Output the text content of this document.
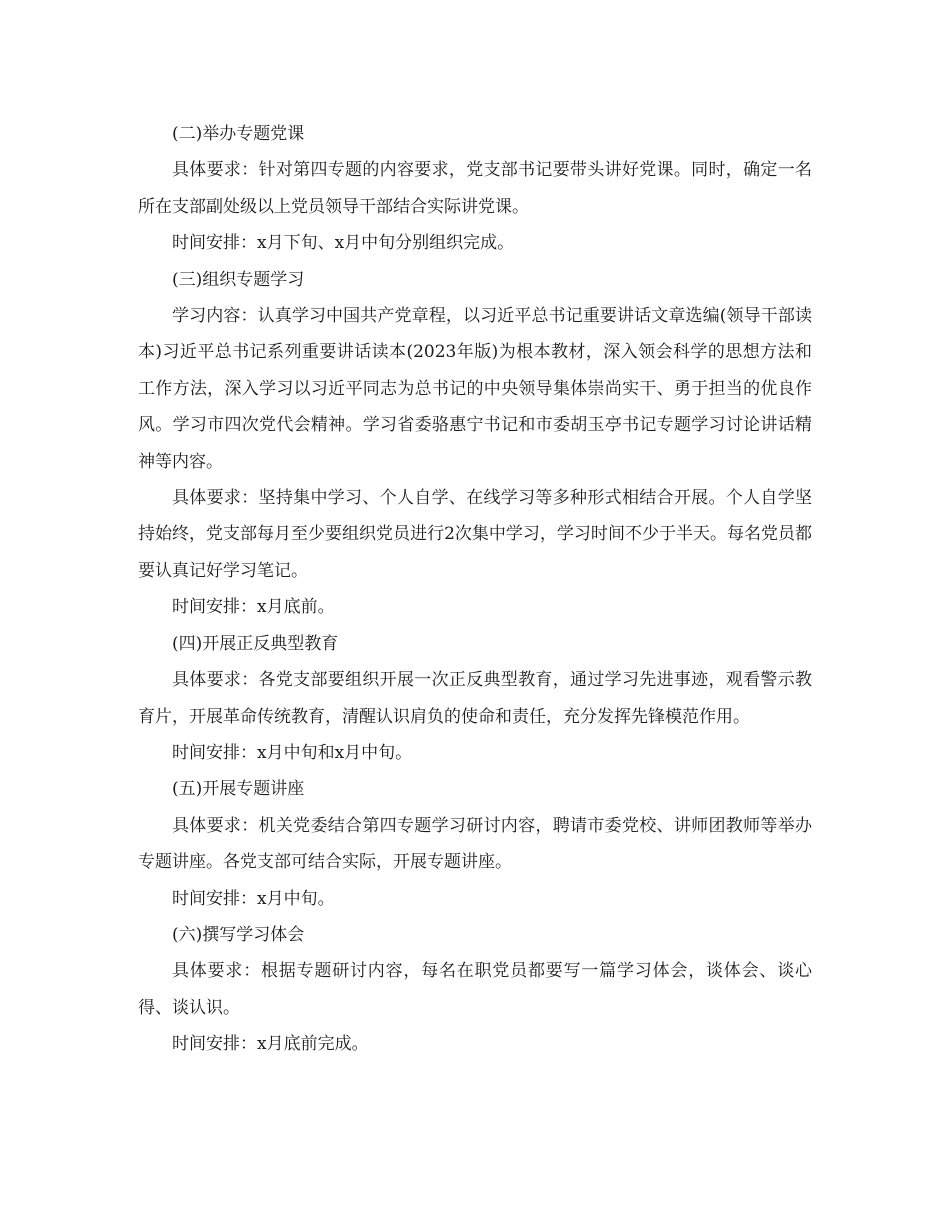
(二)举办专题党课

具体要求：针对第四专题的内容要求，党支部书记要带头讲好党课。同时，确定一名所在支部副处级以上党员领导干部结合实际讲党课。

时间安排：x月下旬、x月中旬分别组织完成。

(三)组织专题学习

学习内容：认真学习中国共产党章程，以习近平总书记重要讲话文章选编(领导干部读本)习近平总书记系列重要讲话读本(2023年版)为根本教材，深入领会科学的思想方法和工作方法，深入学习以习近平同志为总书记的中央领导集体崇尚实干、勇于担当的优良作风。学习市四次党代会精神。学习省委骆惠宁书记和市委胡玉亭书记专题学习讨论讲话精神等内容。

具体要求：坚持集中学习、个人自学、在线学习等多种形式相结合开展。个人自学坚持始终，党支部每月至少要组织党员进行2次集中学习，学习时间不少于半天。每名党员都要认真记好学习笔记。

时间安排：x月底前。

(四)开展正反典型教育

具体要求：各党支部要组织开展一次正反典型教育，通过学习先进事迹，观看警示教育片，开展革命传统教育，清醒认识肩负的使命和责任，充分发挥先锋模范作用。

时间安排：x月中旬和x月中旬。

(五)开展专题讲座

具体要求：机关党委结合第四专题学习研讨内容，聘请市委党校、讲师团教师等举办专题讲座。各党支部可结合实际，开展专题讲座。

时间安排：x月中旬。

(六)撰写学习体会

具体要求：根据专题研讨内容，每名在职党员都要写一篇学习体会，谈体会、谈心得、谈认识。

时间安排：x月底前完成。
